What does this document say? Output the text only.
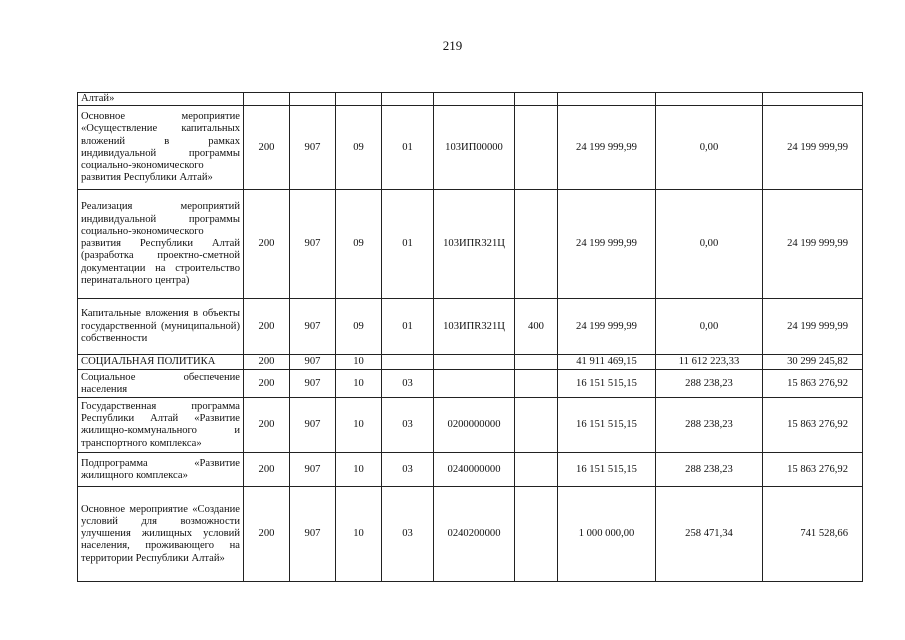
219
Алтай»									
Основное мероприятие «Осуществление капитальных вложений в рамках индивидуальной программы социально-экономического развития Республики Алтай»	200	907	09	01	103ИП00000		24 199 999,99	0,00	24 199 999,99
Реализация мероприятий индивидуальной программы социально-экономического развития Республики Алтай (разработка проектно-сметной документации на строительство перинатального центра)	200	907	09	01	103ИПR321Ц		24 199 999,99	0,00	24 199 999,99
Капитальные вложения в объекты государственной (муниципальной) собственности	200	907	09	01	103ИПR321Ц	400	24 199 999,99	0,00	24 199 999,99
СОЦИАЛЬНАЯ ПОЛИТИКА	200	907	10				41 911 469,15	11 612 223,33	30 299 245,82
Социальное обеспечение населения	200	907	10	03			16 151 515,15	288 238,23	15 863 276,92
Государственная программа Республики Алтай «Развитие жилищно-коммунального и транспортного комплекса»	200	907	10	03	0200000000		16 151 515,15	288 238,23	15 863 276,92
Подпрограмма «Развитие жилищного комплекса»	200	907	10	03	0240000000		16 151 515,15	288 238,23	15 863 276,92
Основное мероприятие «Создание условий для возможности улучшения жилищных условий населения, проживающего на территории Республики Алтай»	200	907	10	03	0240200000		1 000 000,00	258 471,34	741 528,66
